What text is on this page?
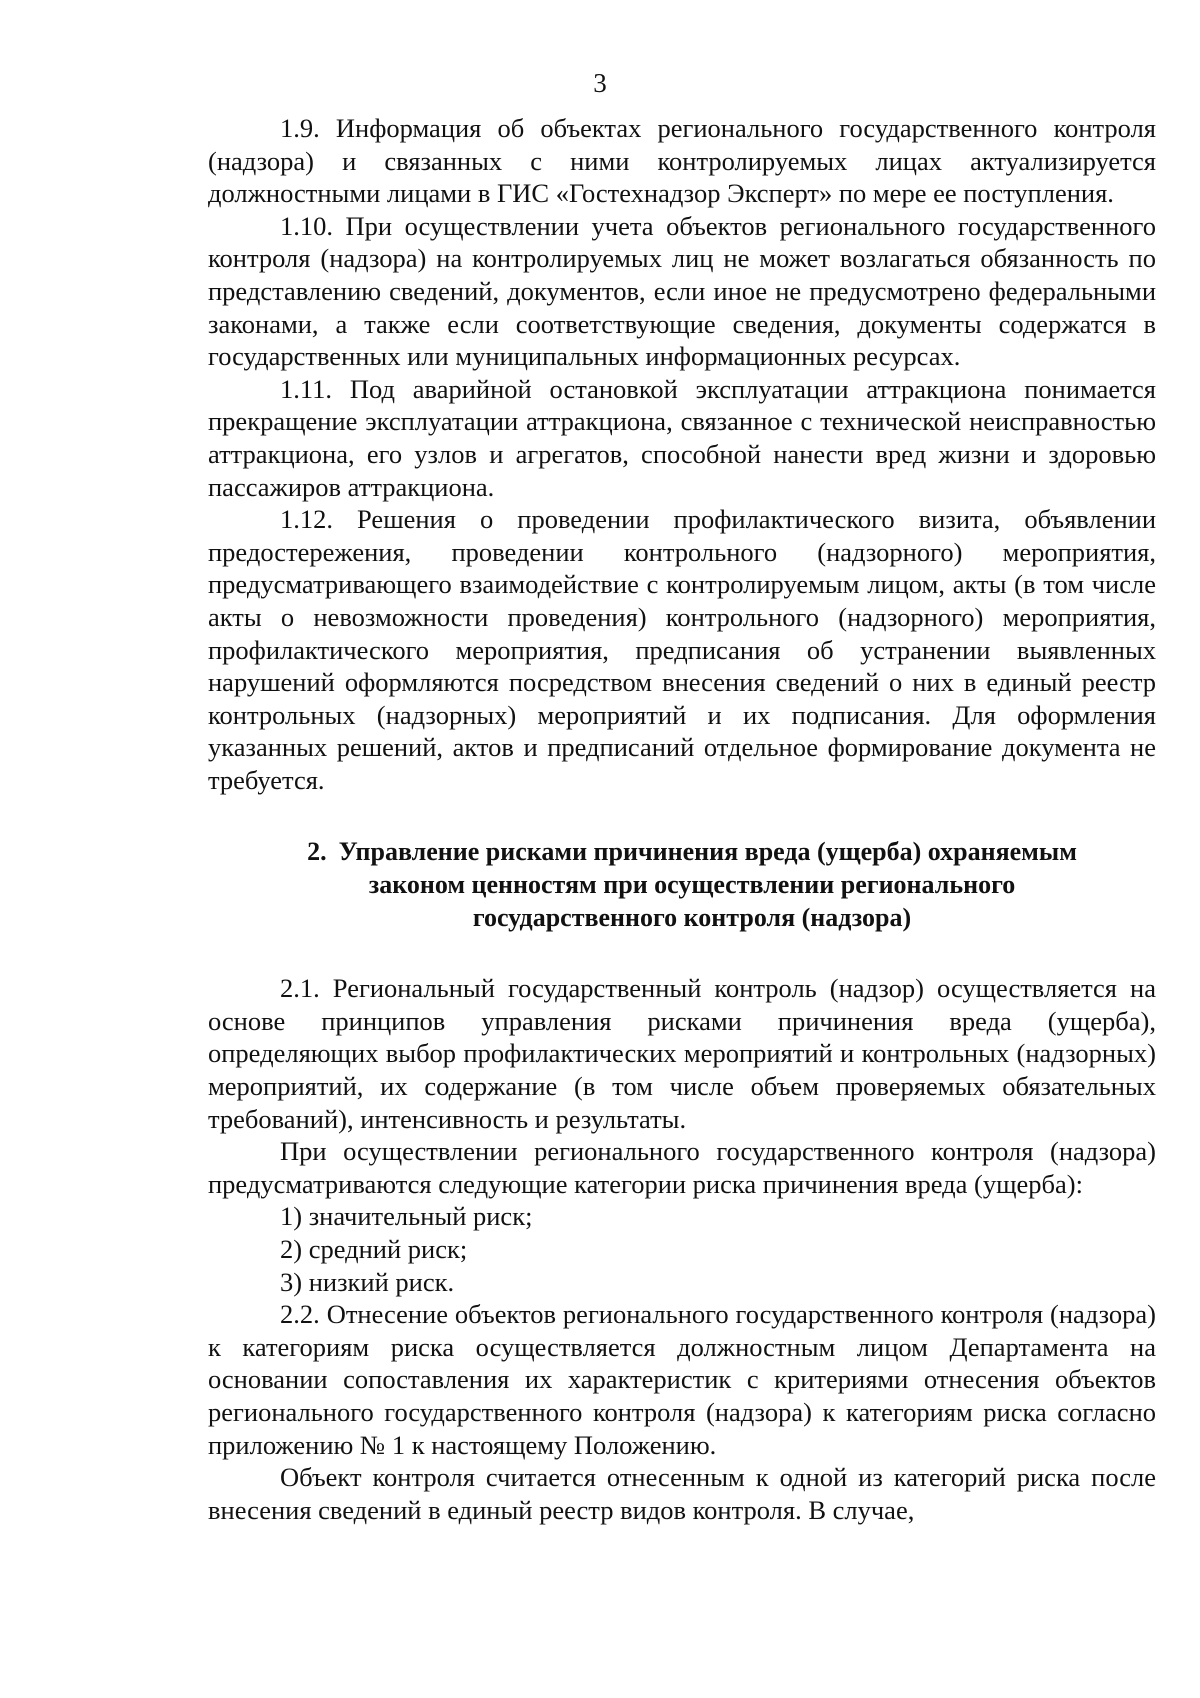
3

1.9. Информация об объектах регионального государственного контроля (надзора) и связанных с ними контролируемых лицах актуализируется должностными лицами в ГИС «Гостехнадзор Эксперт» по мере ее поступления.

1.10. При осуществлении учета объектов регионального государственного контроля (надзора) на контролируемых лиц не может возлагаться обязанность по представлению сведений, документов, если иное не предусмотрено федеральными законами, а также если соответствующие сведения, документы содержатся в государственных или муниципальных информационных ресурсах.

1.11. Под аварийной остановкой эксплуатации аттракциона понимается прекращение эксплуатации аттракциона, связанное с технической неисправностью аттракциона, его узлов и агрегатов, способной нанести вред жизни и здоровью пассажиров аттракциона.

1.12. Решения о проведении профилактического визита, объявлении предостережения, проведении контрольного (надзорного) мероприятия, предусматривающего взаимодействие с контролируемым лицом, акты (в том числе акты о невозможности проведения) контрольного (надзорного) мероприятия, профилактического мероприятия, предписания об устранении выявленных нарушений оформляются посредством внесения сведений о них в единый реестр контрольных (надзорных) мероприятий и их подписания. Для оформления указанных решений, актов и предписаний отдельное формирование документа не требуется.

2. Управление рисками причинения вреда (ущерба) охраняемым законом ценностям при осуществлении регионального государственного контроля (надзора)

2.1. Региональный государственный контроль (надзор) осуществляется на основе принципов управления рисками причинения вреда (ущерба), определяющих выбор профилактических мероприятий и контрольных (надзорных) мероприятий, их содержание (в том числе объем проверяемых обязательных требований), интенсивность и результаты.

При осуществлении регионального государственного контроля (надзора) предусматриваются следующие категории риска причинения вреда (ущерба):

1) значительный риск;

2) средний риск;

3) низкий риск.

2.2. Отнесение объектов регионального государственного контроля (надзора) к категориям риска осуществляется должностным лицом Департамента на основании сопоставления их характеристик с критериями отнесения объектов регионального государственного контроля (надзора) к категориям риска согласно приложению № 1 к настоящему Положению.

Объект контроля считается отнесенным к одной из категорий риска после внесения сведений в единый реестр видов контроля. В случае,
